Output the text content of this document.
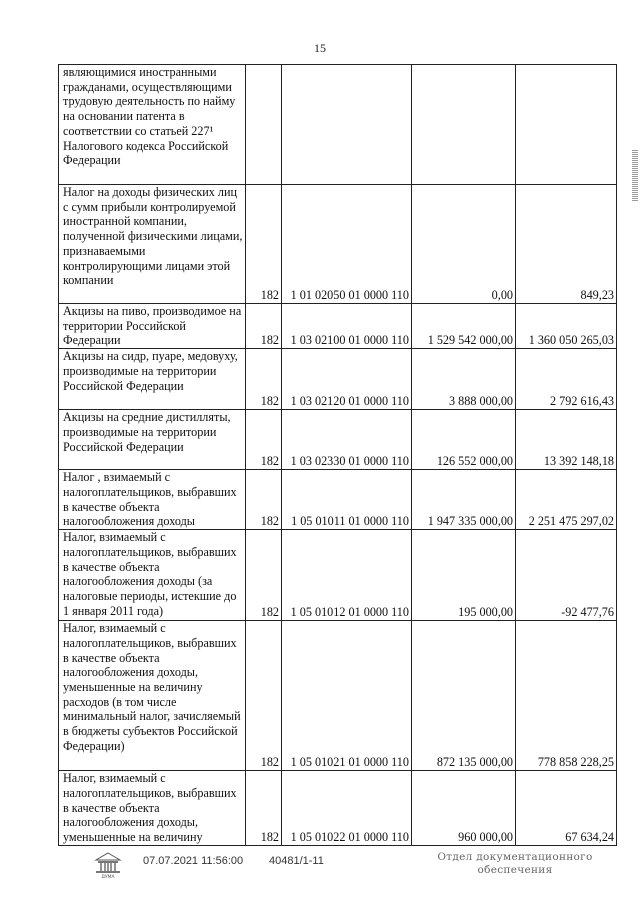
15
являющимися иностранными гражданами, осуществляющими трудовую деятельность по найму на основании патента в соответствии со статьей 227¹ Налогового кодекса Российской Федерации				
Налог на доходы физических лиц с сумм прибыли контролируемой иностранной компании, полученной физическими лицами, признаваемыми контролирующими лицами этой компании	182	1 01 02050 01 0000 110	0,00	849,23
Акцизы на пиво, производимое на территории Российской Федерации	182	1 03 02100 01 0000 110	1 529 542 000,00	1 360 050 265,03
Акцизы на сидр, пуаре, медовуху, производимые на территории Российской Федерации	182	1 03 02120 01 0000 110	3 888 000,00	2 792 616,43
Акцизы на средние дистилляты, производимые на территории Российской Федерации	182	1 03 02330 01 0000 110	126 552 000,00	13 392 148,18
Налог , взимаемый с налогоплательщиков, выбравших в качестве объекта налогообложения доходы	182	1 05 01011 01 0000 110	1 947 335 000,00	2 251 475 297,02
Налог, взимаемый с налогоплательщиков, выбравших в качестве объекта налогообложения доходы (за налоговые периоды, истекшие до 1 января 2011 года)	182	1 05 01012 01 0000 110	195 000,00	-92 477,76
Налог, взимаемый с налогоплательщиков, выбравших в качестве объекта налогообложения доходы, уменьшенные на величину расходов (в том числе минимальный налог, зачисляемый в бюджеты субъектов Российской Федерации)	182	1 05 01021 01 0000 110	872 135 000,00	778 858 228,25
Налог, взимаемый с налогоплательщиков, выбравших в качестве объекта налогообложения доходы, уменьшенные на величину	182	1 05 01022 01 0000 110	960 000,00	67 634,24
ДУМА
07.07.2021 11:56:00 40481/1-11	Отдел документационного
обеспечения
